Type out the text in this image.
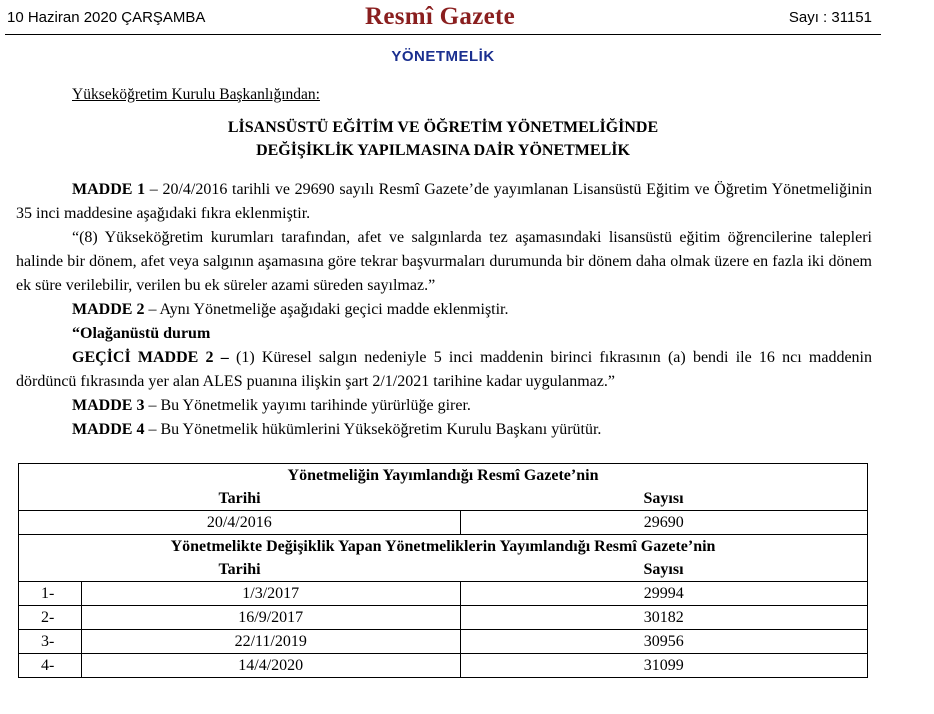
10 Haziran 2020 ÇARŞAMBA	Resmî Gazete	Sayı : 31151
YÖNETMELİK
Yükseköğretim Kurulu Başkanlığından:
LİSANSÜSTÜ EĞİTİM VE ÖĞRETİM YÖNETMELİĞİNDE
DEĞİŞİKLİK YAPILMASINA DAİR YÖNETMELİK

MADDE 1 – 20/4/2016 tarihli ve 29690 sayılı Resmî Gazete’de yayımlanan Lisansüstü Eğitim ve Öğretim Yönetmeliğinin 35 inci maddesine aşağıdaki fıkra eklenmiştir.

“(8) Yükseköğretim kurumları tarafından, afet ve salgınlarda tez aşamasındaki lisansüstü eğitim öğrencilerine talepleri halinde bir dönem, afet veya salgının aşamasına göre tekrar başvurmaları durumunda bir dönem daha olmak üzere en fazla iki dönem ek süre verilebilir, verilen bu ek süreler azami süreden sayılmaz.”

MADDE 2 – Aynı Yönetmeliğe aşağıdaki geçici madde eklenmiştir.

“Olağanüstü durum

GEÇİCİ MADDE 2 – (1) Küresel salgın nedeniyle 5 inci maddenin birinci fıkrasının (a) bendi ile 16 ncı maddenin dördüncü fıkrasında yer alan ALES puanına ilişkin şart 2/1/2021 tarihine kadar uygulanmaz.”

MADDE 3 – Bu Yönetmelik yayımı tarihinde yürürlüğe girer.

MADDE 4 – Bu Yönetmelik hükümlerini Yükseköğretim Kurulu Başkanı yürütür.

Yönetmeliğin Yayımlandığı Resmî Gazete’nin		
Tarihi		Sayısı
20/4/2016		29690
Yönetmelikte Değişiklik Yapan Yönetmeliklerin Yayımlandığı Resmî Gazete’nin		
Tarihi		Sayısı
1-	1/3/2017	29994
2-	16/9/2017	30182
3-	22/11/2019	30956
4-	14/4/2020	31099
